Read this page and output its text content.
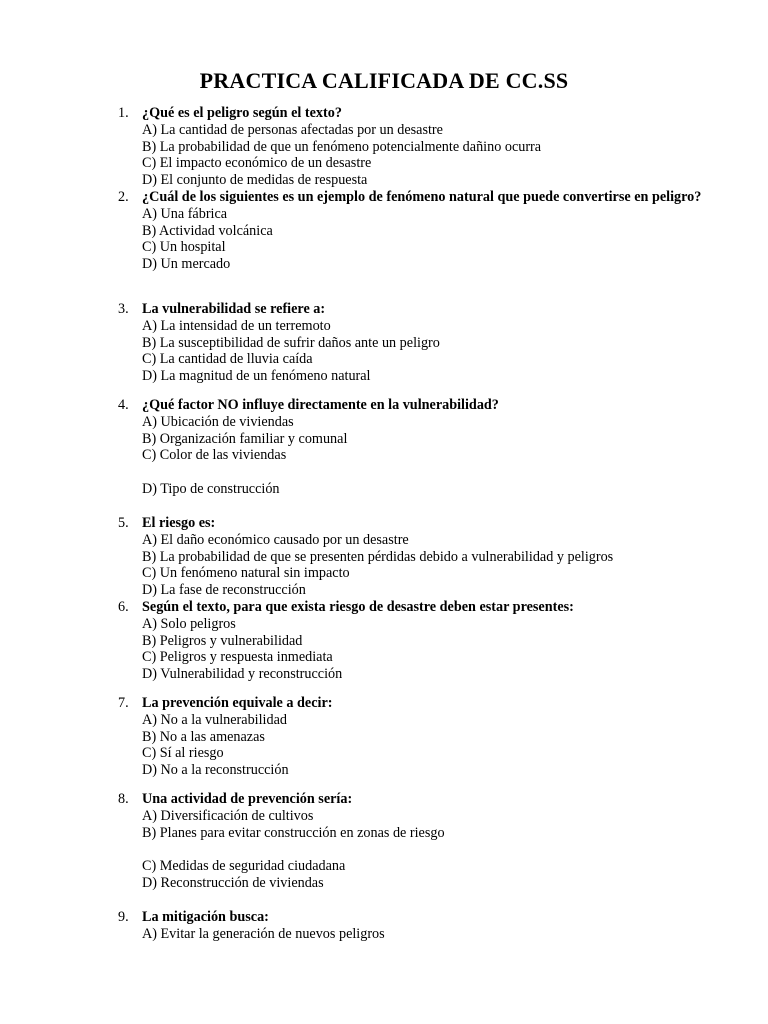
PRACTICA CALIFICADA DE CC.SS
1. ¿Qué es el peligro según el texto?
A) La cantidad de personas afectadas por un desastre
B) La probabilidad de que un fenómeno potencialmente dañino ocurra
C) El impacto económico de un desastre
D) El conjunto de medidas de respuesta
2. ¿Cuál de los siguientes es un ejemplo de fenómeno natural que puede convertirse en peligro?
A) Una fábrica
B) Actividad volcánica
C) Un hospital
D) Un mercado
3. La vulnerabilidad se refiere a:
A) La intensidad de un terremoto
B) La susceptibilidad de sufrir daños ante un peligro
C) La cantidad de lluvia caída
D) La magnitud de un fenómeno natural
4. ¿Qué factor NO influye directamente en la vulnerabilidad?
A) Ubicación de viviendas
B) Organización familiar y comunal
C) Color de las viviendas
D) Tipo de construcción
5. El riesgo es:
A) El daño económico causado por un desastre
B) La probabilidad de que se presenten pérdidas debido a vulnerabilidad y peligros
C) Un fenómeno natural sin impacto
D) La fase de reconstrucción
6. Según el texto, para que exista riesgo de desastre deben estar presentes:
A) Solo peligros
B) Peligros y vulnerabilidad
C) Peligros y respuesta inmediata
D) Vulnerabilidad y reconstrucción
7. La prevención equivale a decir:
A) No a la vulnerabilidad
B) No a las amenazas
C) Sí al riesgo
D) No a la reconstrucción
8. Una actividad de prevención sería:
A) Diversificación de cultivos
B) Planes para evitar construcción en zonas de riesgo
C) Medidas de seguridad ciudadana
D) Reconstrucción de viviendas
9. La mitigación busca:
A) Evitar la generación de nuevos peligros
